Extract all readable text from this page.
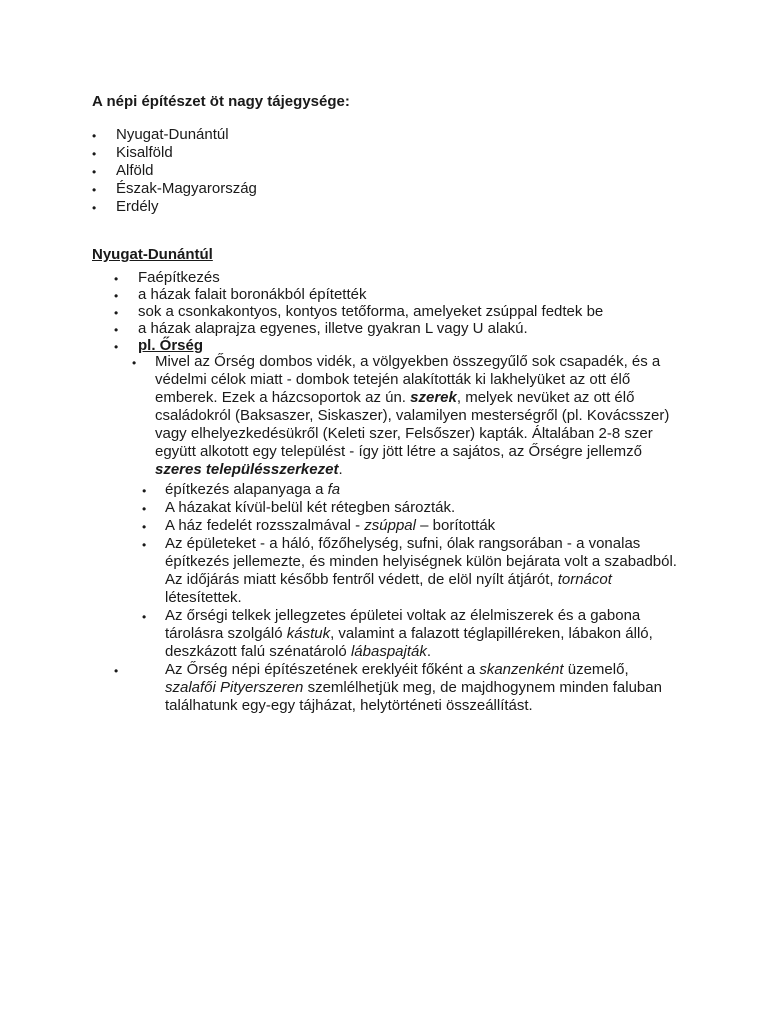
A népi építészet öt nagy tájegysége:

• Nyugat-Dunántúl
• Kisalföld
• Alföld
• Észak-Magyarország
• Erdély

Nyugat-Dunántúl

• Faépítkezés
• a házak falait boronákból építették
• sok a csonkakontyos, kontyos tetőforma, amelyeket zsúppal fedtek be
• a házak alaprajza egyenes, illetve gyakran L vagy U alakú.
• pl. Őrség
• Mivel az Őrség dombos vidék, a völgyekben összegyűlő sok csapadék, és a védelmi célok miatt - dombok tetején alakították ki lakhelyüket az ott élő emberek. Ezek a házcsoportok az ún. szerek, melyek nevüket az ott élő családokról (Baksaszer, Siskaszer), valamilyen mesterségről (pl. Kovácsszer) vagy elhelyezkedésükről (Keleti szer, Felsőszer) kapták. Általában 2-8 szer együtt alkotott egy települést - így jött létre a sajátos, az Őrségre jellemző szeres településszerkezet.
• építkezés alapanyaga a fa
• A házakat kívül-belül két rétegben sározták.
• A ház fedelét rozsszalmával - zsúppal – borították
• Az épületeket - a háló, főzőhelység, sufni, ólak rangsorában - a vonalas építkezés jellemezte, és minden helyiségnek külön bejárata volt a szabadból. Az időjárás miatt később fentről védett, de elöl nyílt átjárót, tornácot létesítettek.
• Az őrségi telkek jellegzetes épületei voltak az élelmiszerek és a gabona tárolásra szolgáló kástuk, valamint a falazott téglapilléreken, lábakon álló, deszkázott falú szénatároló lábaspajták.
•	Az Őrség népi építészetének ereklyéit főként a skanzenként üzemelő, szalafői Pityerszeren szemlélhetjük meg, de majdhogynem minden faluban találhatunk egy-egy tájházat, helytörténeti összeállítást.
